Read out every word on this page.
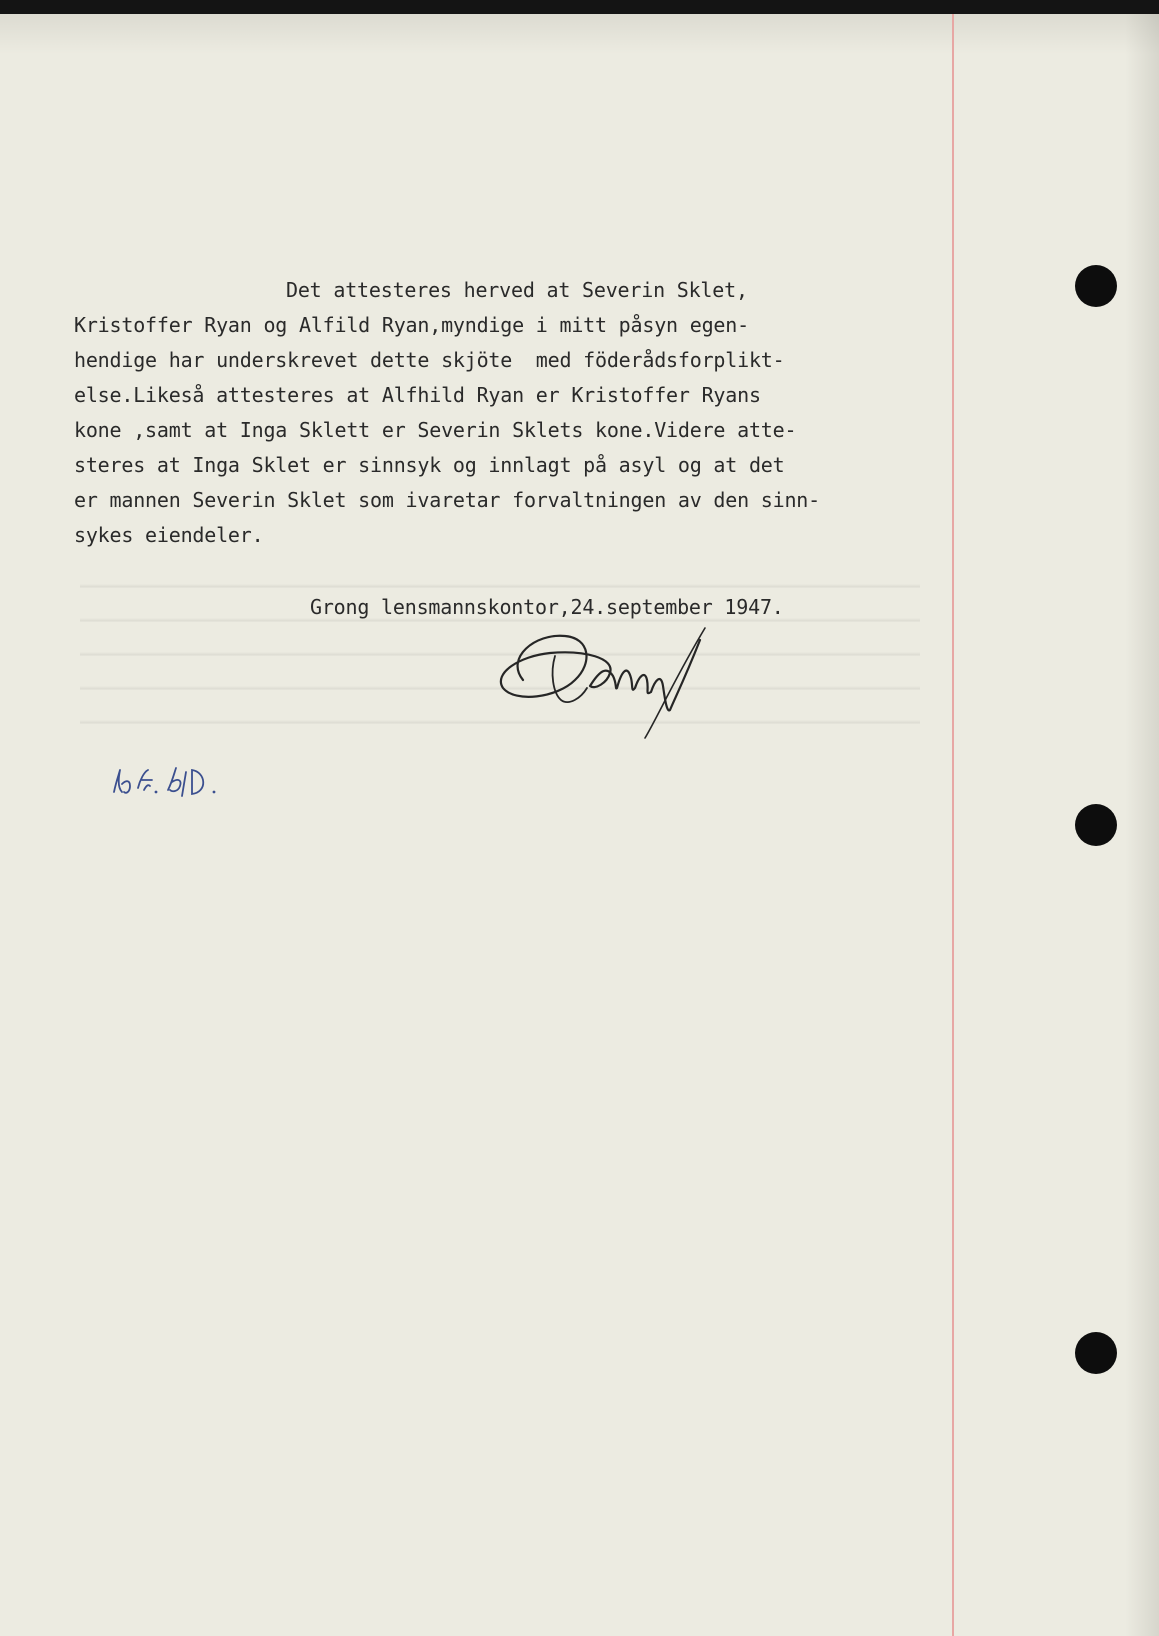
Det attesteres herved at Severin Sklet,

Kristoffer Ryan og Alfild Ryan,myndige i mitt påsyn egen-

hendige har underskrevet dette skjöte  med föderådsforplikt-

else.Likeså attesteres at Alfhild Ryan er Kristoffer Ryans

kone ,samt at Inga Sklett er Severin Sklets kone.Videre atte-

steres at Inga Sklet er sinnsyk og innlagt på asyl og at det

er mannen Severin Sklet som ivaretar forvaltningen av den sinn-

sykes eiendeler.

Grong lensmannskontor,24.september 1947.
